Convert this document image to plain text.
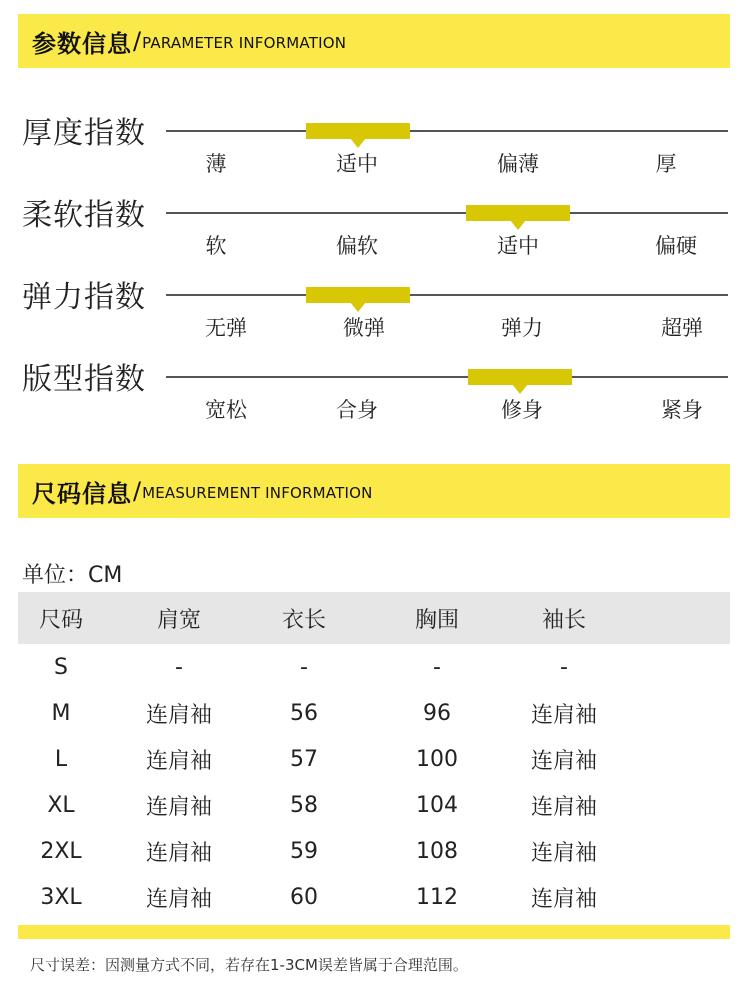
参数信息 / PARAMETER INFORMATION
厚度指数
薄	适中	偏薄	厚
柔软指数
软	偏软	适中	偏硬
弹力指数
无弹	微弹	弹力	超弹
版型指数
宽松	合身	修身	紧身
尺码信息 / MEASUREMENT INFORMATION
单位：CM
尺码	肩宽	衣长	胸围	袖长	
S	-	-	-	-	
M	连肩袖	56	96	连肩袖	
L	连肩袖	57	100	连肩袖	
XL	连肩袖	58	104	连肩袖	
2XL	连肩袖	59	108	连肩袖	
3XL	连肩袖	60	112	连肩袖	
尺寸误差：因测量方式不同，若存在1-3CM误差皆属于合理范围。
